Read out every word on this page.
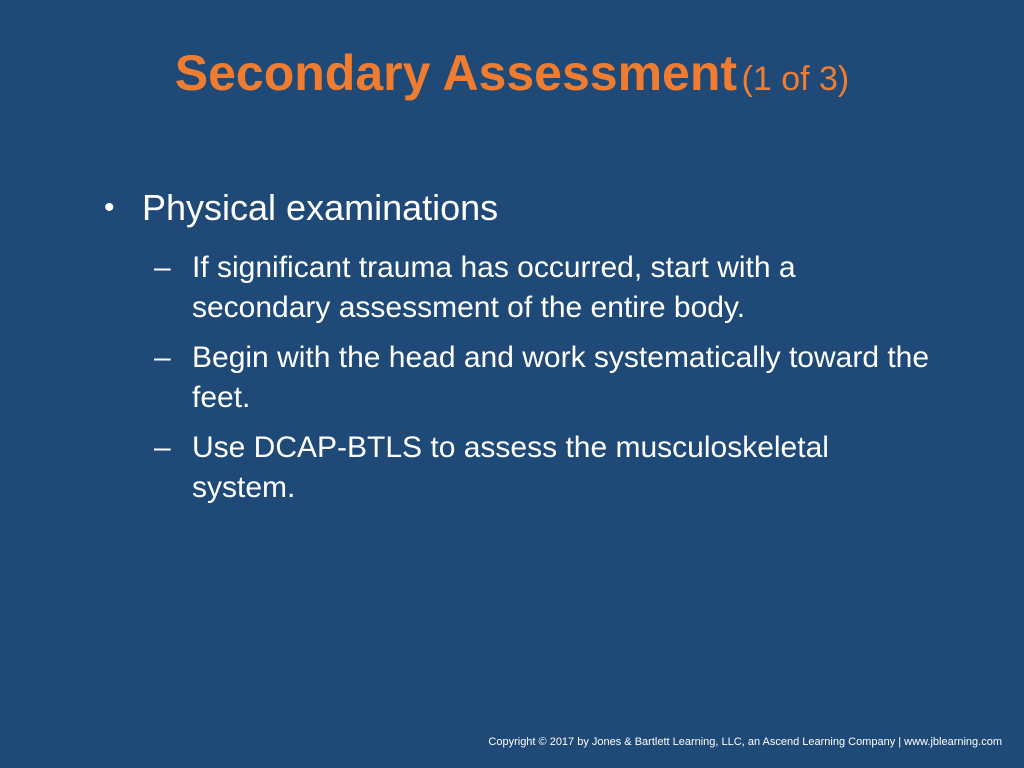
Secondary Assessment (1 of 3)
• Physical examinations
– If significant trauma has occurred, start with a secondary assessment of the entire body.
– Begin with the head and work systematically toward the feet.
– Use DCAP-BTLS to assess the musculoskeletal system.
Copyright © 2017 by Jones & Bartlett Learning, LLC, an Ascend Learning Company | www.jblearning.com
